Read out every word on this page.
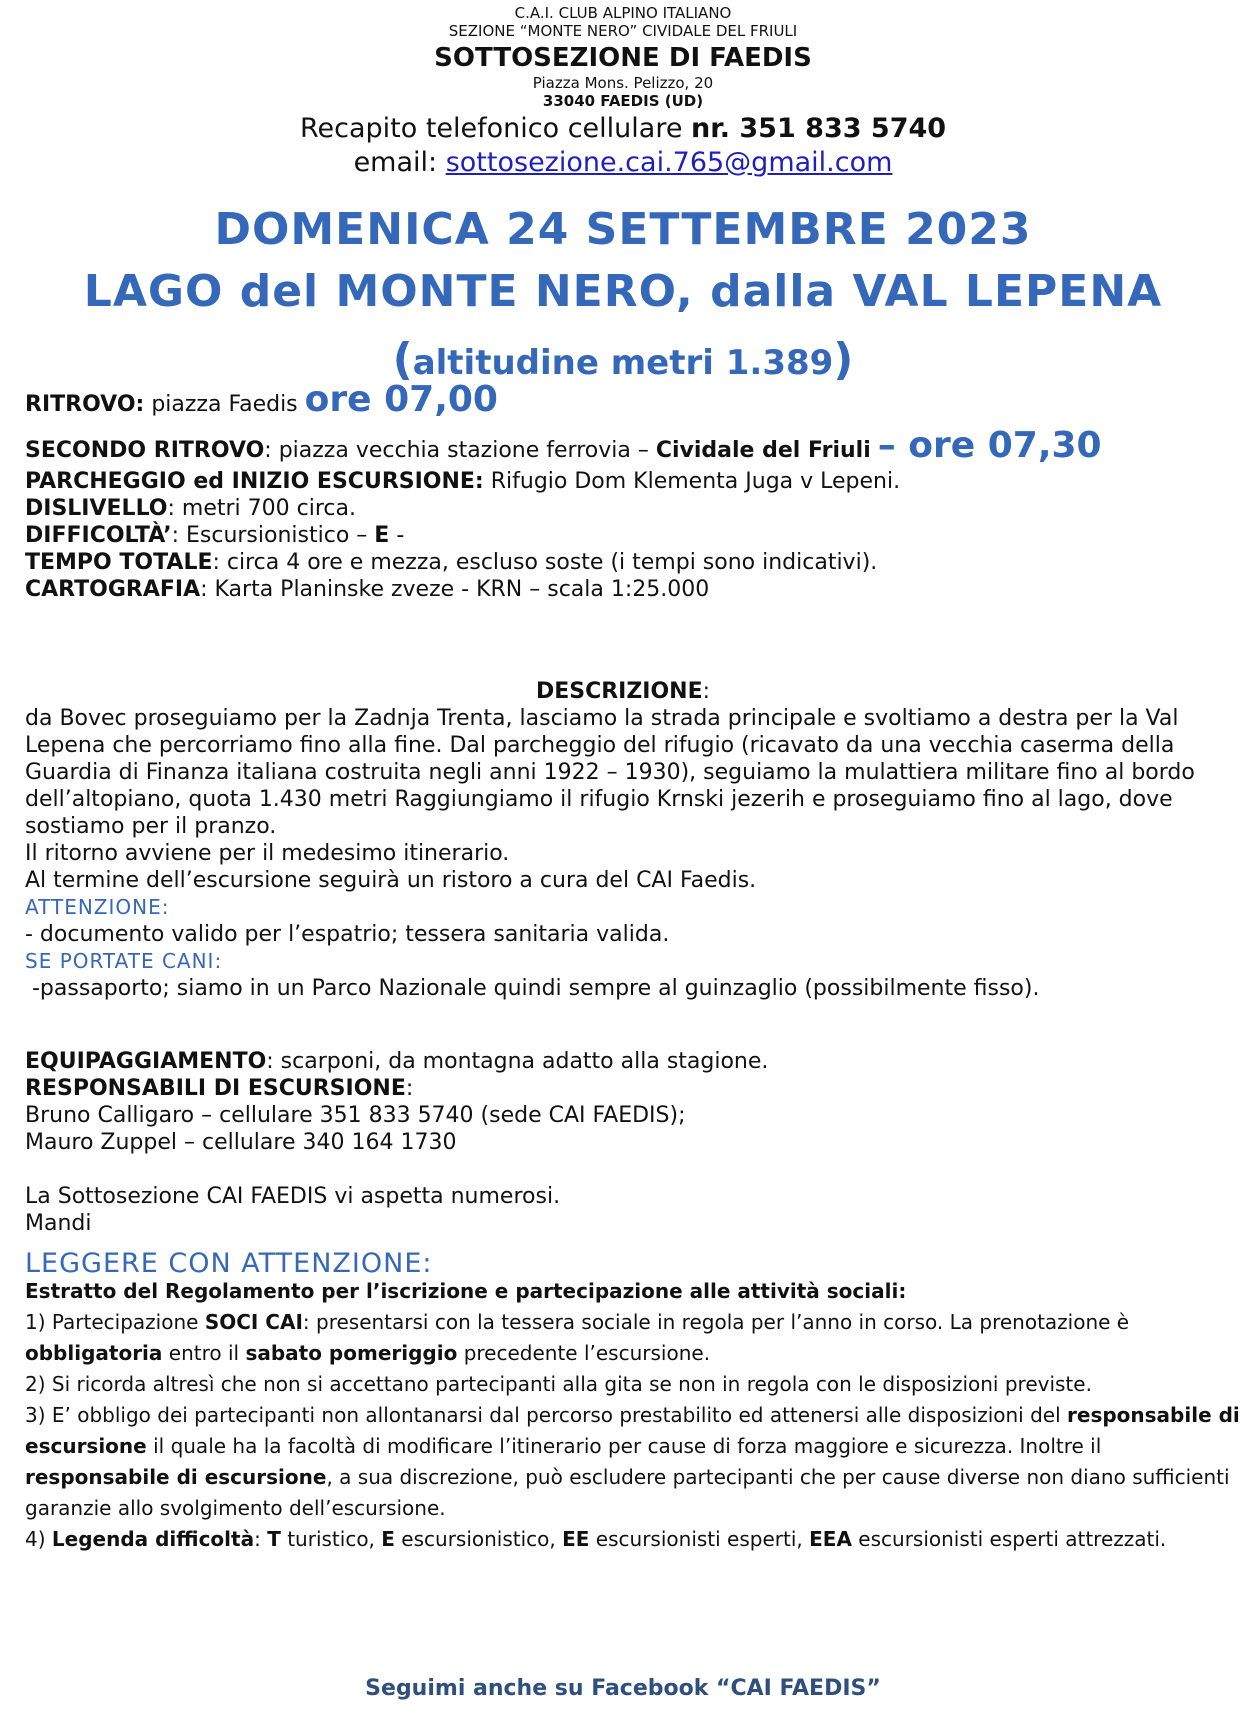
C.A.I. CLUB ALPINO ITALIANO
SEZIONE “MONTE NERO” CIVIDALE DEL FRIULI
SOTTOSEZIONE DI FAEDIS
Piazza Mons. Pelizzo, 20
33040 FAEDIS (UD)
Recapito telefonico cellulare nr. 351 833 5740
email: sottosezione.cai.765@gmail.com
DOMENICA 24 SETTEMBRE 2023
LAGO del MONTE NERO, dalla VAL LEPENA
(altitudine metri 1.389)
RITROVO: piazza Faedis ore 07,00
SECONDO RITROVO: piazza vecchia stazione ferrovia – Cividale del Friuli – ore 07,30
PARCHEGGIO ed INIZIO ESCURSIONE: Rifugio Dom Klementa Juga v Lepeni.
DISLIVELLO: metri 700 circa.
DIFFICOLTÀ’: Escursionistico – E -
TEMPO TOTALE: circa 4 ore e mezza, escluso soste (i tempi sono indicativi).
CARTOGRAFIA: Karta Planinske zveze - KRN – scala 1:25.000
DESCRIZIONE:

da Bovec proseguiamo per la Zadnja Trenta, lasciamo la strada principale e svoltiamo a destra per la Val Lepena che percorriamo fino alla fine. Dal parcheggio del rifugio (ricavato da una vecchia caserma della Guardia di Finanza italiana costruita negli anni 1922 – 1930), seguiamo la mulattiera militare fino al bordo dell’altopiano, quota 1.430 metri Raggiungiamo il rifugio Krnski jezerih e proseguiamo fino al lago, dove sostiamo per il pranzo.

Il ritorno avviene per il medesimo itinerario.

Al termine dell’escursione seguirà un ristoro a cura del CAI Faedis.

ATTENZIONE:

- documento valido per l’espatrio; tessera sanitaria valida.

SE PORTATE CANI:

-passaporto; siamo in un Parco Nazionale quindi sempre al guinzaglio (possibilmente fisso).

EQUIPAGGIAMENTO: scarponi, da montagna adatto alla stagione.
RESPONSABILI DI ESCURSIONE:
Bruno Calligaro – cellulare 351 833 5740 (sede CAI FAEDIS);
Mauro Zuppel – cellulare 340 164 1730
La Sottosezione CAI FAEDIS vi aspetta numerosi.
Mandi
LEGGERE CON ATTENZIONE:

Estratto del Regolamento per l’iscrizione e partecipazione alle attività sociali:

1) Partecipazione SOCI CAI: presentarsi con la tessera sociale in regola per l’anno in corso. La prenotazione è obbligatoria entro il sabato pomeriggio precedente l’escursione.

2) Si ricorda altresì che non si accettano partecipanti alla gita se non in regola con le disposizioni previste.

3) E’ obbligo dei partecipanti non allontanarsi dal percorso prestabilito ed attenersi alle disposizioni del responsabile di escursione il quale ha la facoltà di modificare l’itinerario per cause di forza maggiore e sicurezza. Inoltre il responsabile di escursione, a sua discrezione, può escludere partecipanti che per cause diverse non diano sufficienti garanzie allo svolgimento dell’escursione.

4) Legenda difficoltà: T turistico, E escursionistico, EE escursionisti esperti, EEA escursionisti esperti attrezzati.

Seguimi anche su Facebook “CAI FAEDIS”
